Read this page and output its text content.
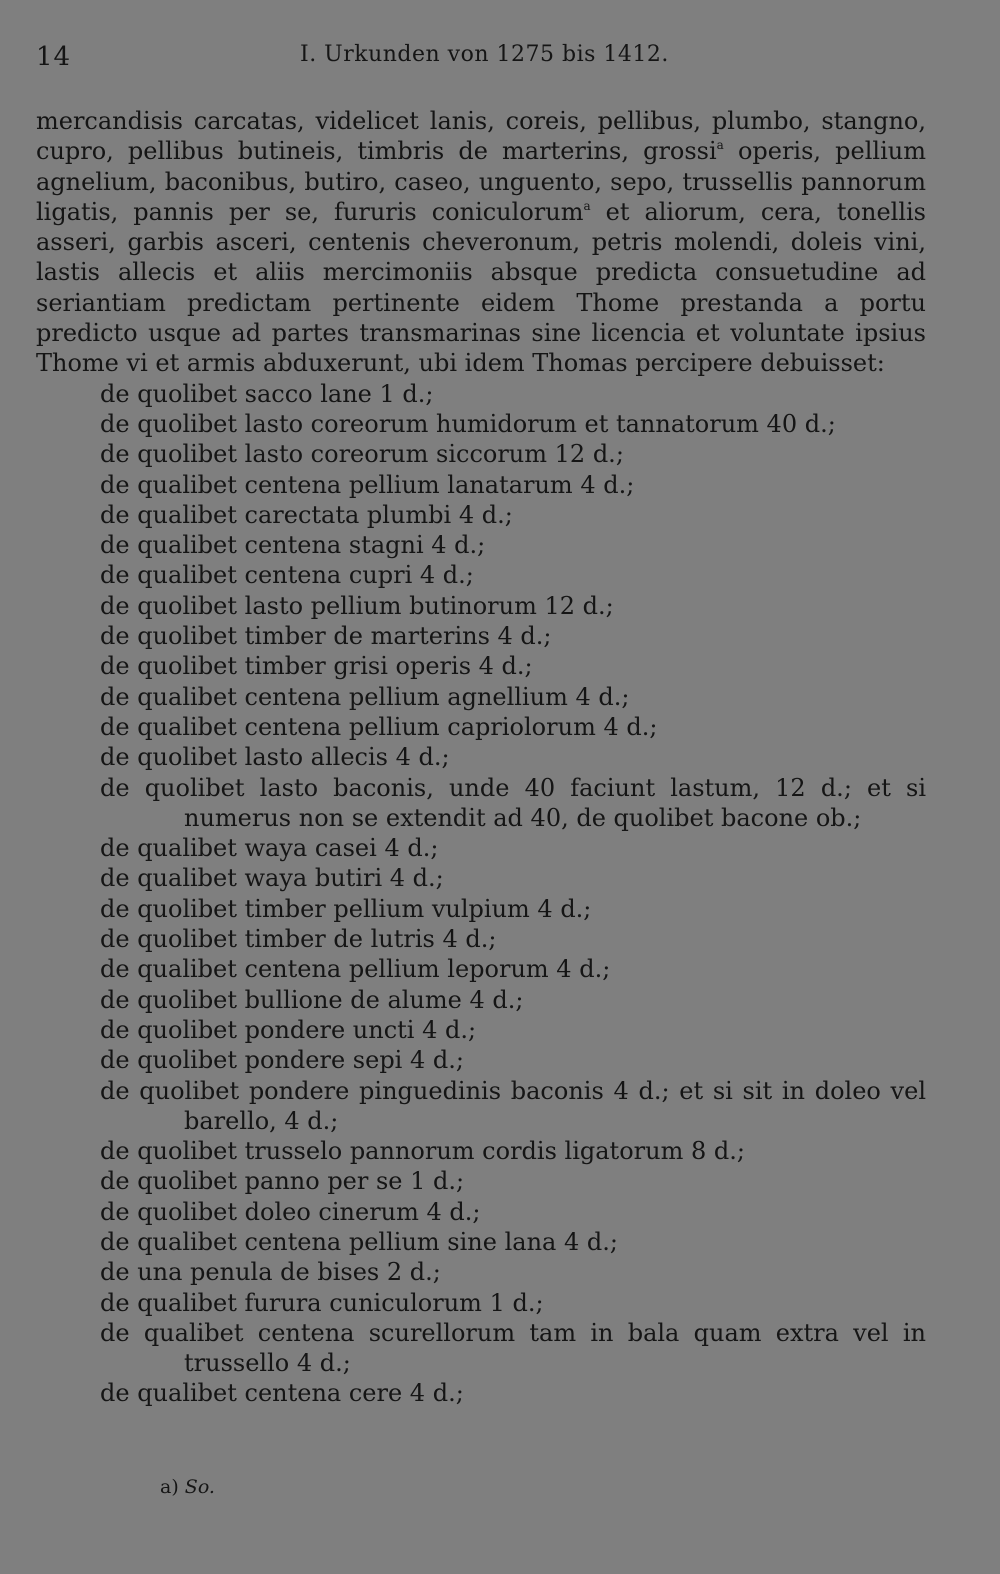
14	I. Urkunden von 1275 bis 1412.

mercandisis carcatas, videlicet lanis, coreis, pellibus, plumbo, stangno, cupro, pellibus butineis, timbris de marterins, grossi$^a$ operis, pellium agnelium, baconibus, butiro, caseo, unguento, sepo, trussellis pannorum ligatis, pannis per se, fururis coniculorum$^a$ et aliorum, cera, tonellis asseri, garbis asceri, centenis cheveronum, petris molendi, doleis vini, lastis allecis et aliis mercimoniis absque predicta consuetudine ad seriantiam predictam pertinente eidem Thome prestanda a portu predicto usque ad partes transmarinas sine licencia et voluntate ipsius Thome vi et armis abduxerunt, ubi idem Thomas percipere debuisset:

de quolibet sacco lane 1 d.;
de quolibet lasto coreorum humidorum et tannatorum 40 d.;
de quolibet lasto coreorum siccorum 12 d.;
de qualibet centena pellium lanatarum 4 d.;
de qualibet carectata plumbi 4 d.;
de qualibet centena stagni 4 d.;
de qualibet centena cupri 4 d.;
de quolibet lasto pellium butinorum 12 d.;
de quolibet timber de marterins 4 d.;
de quolibet timber grisi operis 4 d.;
de qualibet centena pellium agnellium 4 d.;
de qualibet centena pellium capriolorum 4 d.;
de quolibet lasto allecis 4 d.;
de quolibet lasto baconis, unde 40 faciunt lastum, 12 d.; et si numerus non se extendit ad 40, de quolibet bacone ob.;
de qualibet waya casei 4 d.;
de qualibet waya butiri 4 d.;
de quolibet timber pellium vulpium 4 d.;
de quolibet timber de lutris 4 d.;
de qualibet centena pellium leporum 4 d.;
de quolibet bullione de alume 4 d.;
de quolibet pondere uncti 4 d.;
de quolibet pondere sepi 4 d.;
de quolibet pondere pinguedinis baconis 4 d.; et si sit in doleo vel barello, 4 d.;
de quolibet trusselo pannorum cordis ligatorum 8 d.;
de quolibet panno per se 1 d.;
de quolibet doleo cinerum 4 d.;
de qualibet centena pellium sine lana 4 d.;
de una penula de bises 2 d.;
de qualibet furura cuniculorum 1 d.;
de qualibet centena scurellorum tam in bala quam extra vel in trussello 4 d.;
de qualibet centena cere 4 d.;
a) So.
